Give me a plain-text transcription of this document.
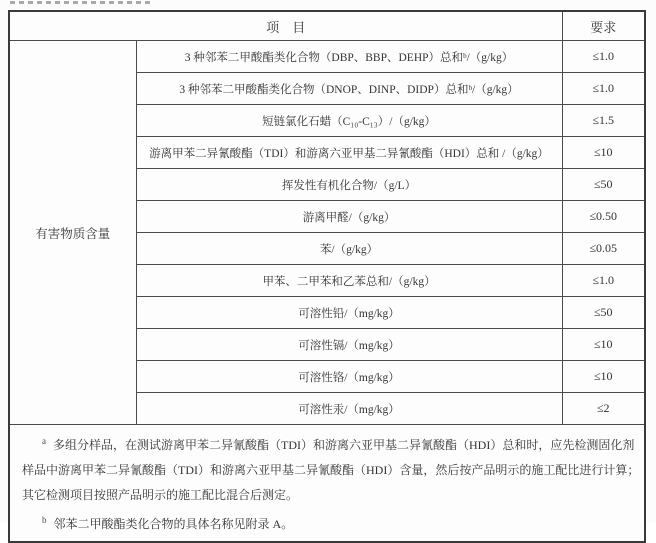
项　目		要求
有害物质含量	3 种邻苯二甲酸酯类化合物（DBP、BBP、DEHP）总和ᵇ/（g/kg）	≤1.0
	3 种邻苯二甲酸酯类化合物（DNOP、DINP、DIDP）总和ᵇ/（g/kg）	≤1.0
	短链氯化石蜡（C₁₀-C₁₃）/（g/kg）	≤1.5
	游离甲苯二异氰酸酯（TDI）和游离六亚甲基二异氰酸酯（HDI）总和 /（g/kg）	≤10
	挥发性有机化合物/（g/L）	≤50
	游离甲醛/（g/kg）	≤0.50
	苯/（g/kg）	≤0.05
	甲苯、二甲苯和乙苯总和/（g/kg）	≤1.0
	可溶性铅/（mg/kg）	≤50
	可溶性镉/（mg/kg）	≤10
	可溶性铬/（mg/kg）	≤10
	可溶性汞/（mg/kg）	≤2

$^a$ 多组分样品，在测试游离甲苯二异氰酸酯（TDI）和游离六亚甲基二异氰酸酯（HDI）总和时，应先检测固化剂
样品中游离甲苯二异氰酸酯（TDI）和游离六亚甲基二异氰酸酯（HDI）含量，然后按产品明示的施工配比进行计算；
其它检测项目按照产品明示的施工配比混合后测定。
$^b$ 邻苯二甲酸酯类化合物的具体名称见附录 A。		
